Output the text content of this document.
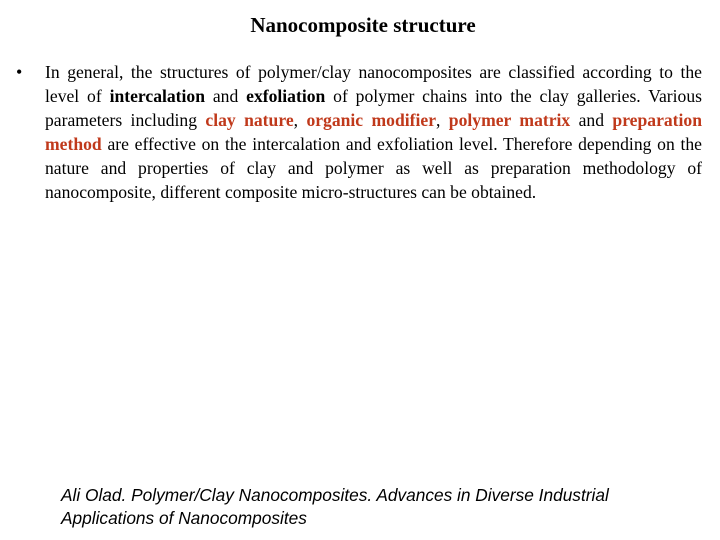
Nanocomposite structure
• In general, the structures of polymer/clay nanocomposites are classified according to the level of intercalation and exfoliation of polymer chains into the clay galleries. Various parameters including clay nature, organic modifier, polymer matrix and preparation method are effective on the intercalation and exfoliation level. Therefore depending on the nature and properties of clay and polymer as well as preparation methodology of nanocomposite, different composite micro-structures can be obtained.
Ali Olad. Polymer/Clay Nanocomposites. Advances in Diverse Industrial
Applications of Nanocomposites
